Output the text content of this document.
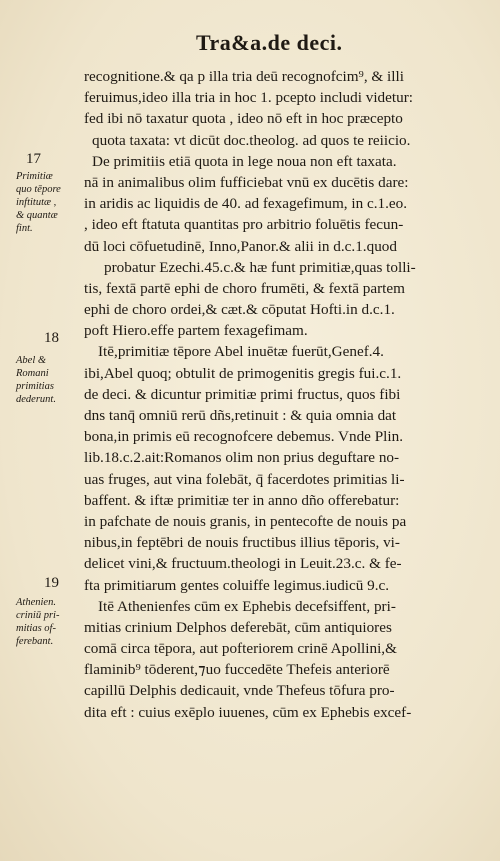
Tra&a.de deci.
17
18
19
Primitiæ
quo tēpore
inftitutæ ,
& quantæ
fint.
Abel &
Romani
primitias
dederunt.
Athenien.
criniū pri-
mitias of-
ferebant.
recognitione.& qa p illa tria deū recognofcim⁹, & illi
feruimus,ideo illa tria in hoc 1. pcepto includi videtur:
fed ibi nō taxatur quota , ideo nō eft in hoc præcepto
quota taxata: vt dicūt doc.theolog. ad quos te reiicio.
De primitiis etiā quota in lege noua non eft taxata.
nā in animalibus olim fufficiebat vnū ex ducētis dare:
in aridis ac liquidis de 40. ad fexagefimum, in c.1.eo.
, ideo eft ftatuta quantitas pro arbitrio foluētis fecun-
dū loci cōfuetudinē, Inno,Panor.& alii in d.c.1.quod
probatur Ezechi.45.c.& hæ funt primitiæ,quas tolli-
tis, fextā partē ephi de choro frumēti, & fextā partem
ephi de choro ordei,& cæt.& cōputat Hofti.in d.c.1.
poft Hiero.effe partem fexagefimam.
Itē,primitiæ tēpore Abel inuētæ fuerūt,Genef.4.
ibi,Abel quoq; obtulit de primogenitis gregis fui.c.1.
de deci. & dicuntur primitiæ primi fructus, quos fibi
dns tanq̄ omniū rerū dñs,retinuit : & quia omnia dat
bona,in primis eū recognofcere debemus. Vnde Plin.
lib.18.c.2.ait:Romanos olim non prius deguftare no-
uas fruges, aut vina folebāt, q̄ facerdotes primitias li-
baffent. & iftæ primitiæ ter in anno dño offerebatur:
in pafchate de nouis granis, in pentecofte de nouis pa
nibus,in feptēbri de nouis fructibus illius tēporis, vi-
delicet vini,& fructuum.theologi in Leuit.23.c. & fe-
fta primitiarum gentes coluiffe legimus.iudicū 9.c.
Itē Athenienfes cūm ex Ephebis decefsiffent, pri-
mitias crinium Delphos deferebāt, cūm antiquiores
comā circa tēpora, aut pofteriorem crinē Apollini,&
flaminib⁹ tōderent,⁊uo fuccedēte Thefeis anteriorē
capillū Delphis dedicauit, vnde Thefeus tōfura pro-
dita eft : cuius exēplo iuuenes, cūm ex Ephebis excef-
